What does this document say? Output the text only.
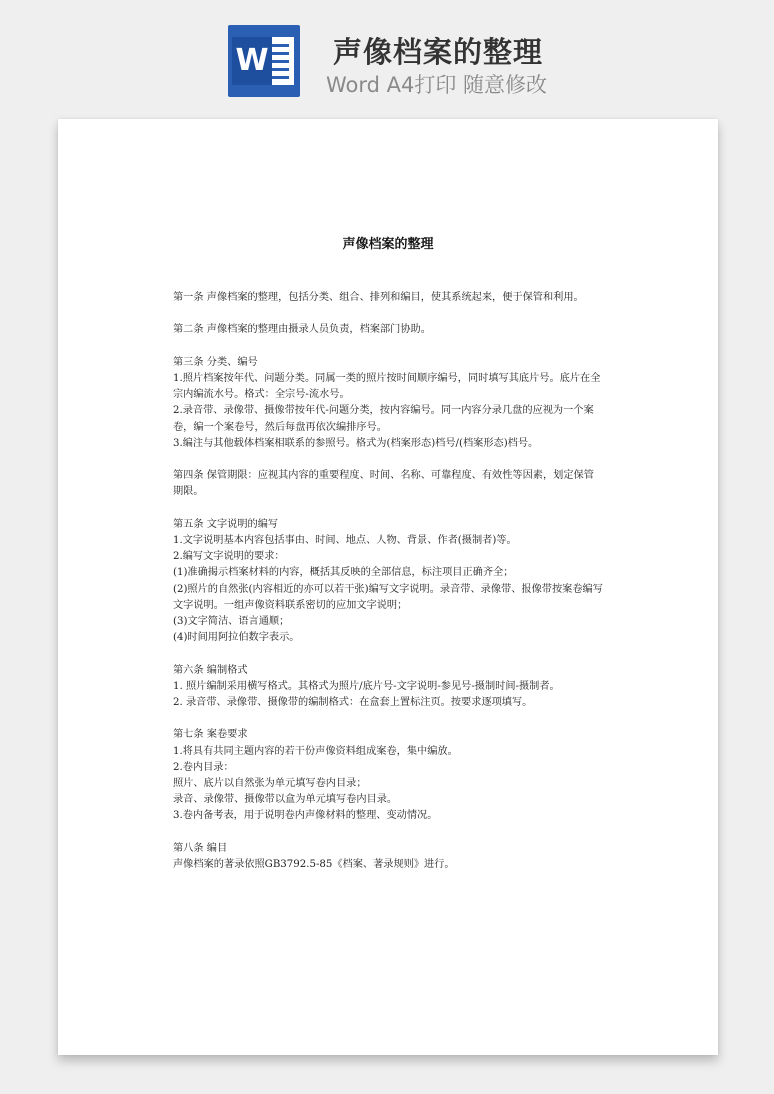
W 声像档案的整理
Word A4打印 随意修改
声像档案的整理
第一条 声像档案的整理，包括分类、组合、排列和编目，使其系统起来，便于保管和利用。
第二条 声像档案的整理由摄录人员负责，档案部门协助。
第三条 分类、编号
1.照片档案按年代、问题分类。同属一类的照片按时间顺序编号，同时填写其底片号。底片在全宗内编流水号。格式：全宗号-流水号。
2.录音带、录像带、摄像带按年代-问题分类，按内容编号。同一内容分录几盘的应视为一个案卷，编一个案卷号，然后每盘再依次编排序号。
3.编注与其他载体档案相联系的参照号。格式为(档案形态)档号/(档案形态)档号。
第四条 保管期限：应视其内容的重要程度、时间、名称、可靠程度、有效性等因素，划定保管期限。
第五条 文字说明的编写
1.文字说明基本内容包括事由、时间、地点、人物、背景、作者(摄制者)等。
2.编写文字说明的要求：
(1)准确揭示档案材料的内容，概括其反映的全部信息，标注项目正确齐全；
(2)照片的自然张(内容相近的亦可以若干张)编写文字说明。录音带、录像带、报像带按案卷编写文字说明。一组声像资料联系密切的应加文字说明；
(3)文字简洁、语言通顺；
(4)时间用阿拉伯数字表示。
第六条 编制格式
1. 照片编制采用横写格式。其格式为照片/底片号-文字说明-参见号-摄制时间-摄制者。
2. 录音带、录像带、摄像带的编制格式：在盒套上置标注页。按要求逐项填写。
第七条 案卷要求
1.将具有共同主题内容的若干份声像资料组成案卷，集中编放。
2.卷内目录：
照片、底片以自然张为单元填写卷内目录；
录音、录像带、摄像带以盒为单元填写卷内目录。
3.卷内备考表，用于说明卷内声像材料的整理、变动情况。
第八条 编目
声像档案的著录依照GB3792.5-85《档案、著录规则》进行。
